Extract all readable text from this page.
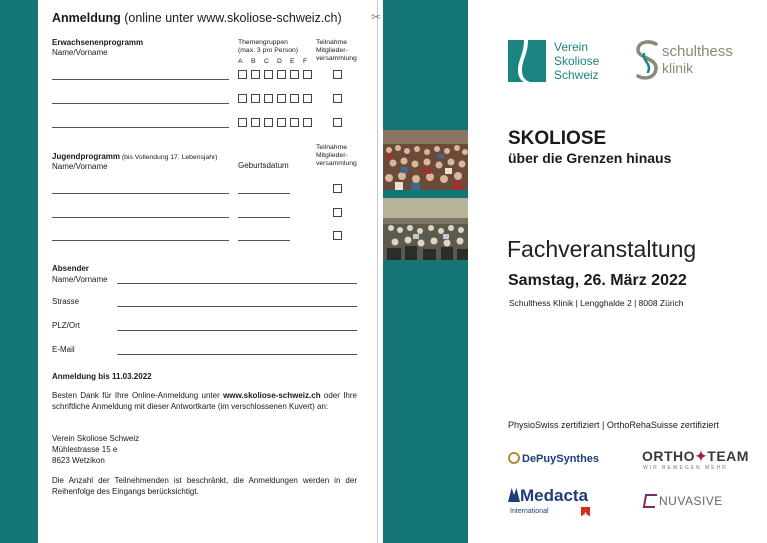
✂
Anmeldung (online unter www.skoliose-schweiz.ch)
Erwachsenenprogramm
Name/Vorname
Themengruppen
(max. 3 pro Person)
A B C D E F
Teilnahme
Mitglieder-
versammlung
Jugendprogramm (bis Vollendung 17. Lebensjahr)
Name/Vorname	Geburtsdatum
Teilnahme
Mitglieder-
versammlung
Absender
Name/Vorname
Strasse
PLZ/Ort
E-Mail
Anmeldung bis 11.03.2022
Besten Dank für Ihre Online-Anmeldung unter www.skoliose-schweiz.ch oder Ihre schriftliche Anmeldung mit dieser Antwortkarte (im verschlossenen Kuvert) an:
Verein Skoliose Schweiz
Mühlestrasse 15 e
8623 Wetzikon
Die Anzahl der Teilnehmenden ist beschränkt, die Anmeldungen werden in der Reihenfolge des Eingangs berücksichtigt.
Verein
Skoliose
Schweiz
schulthess
klinik
SKOLIOSE
über die Grenzen hinaus
Fachveranstaltung
Samstag, 26. März 2022
Schulthess Klinik | Lengghalde 2 | 8008 Zürich
PhysioSwiss zertifiziert | OrthoRehaSuisse zertifiziert
DePuySynthes	ORTHO✦TEAM
WIR BEWEGEN MEHR
Medacta
International
NUVASIVE
